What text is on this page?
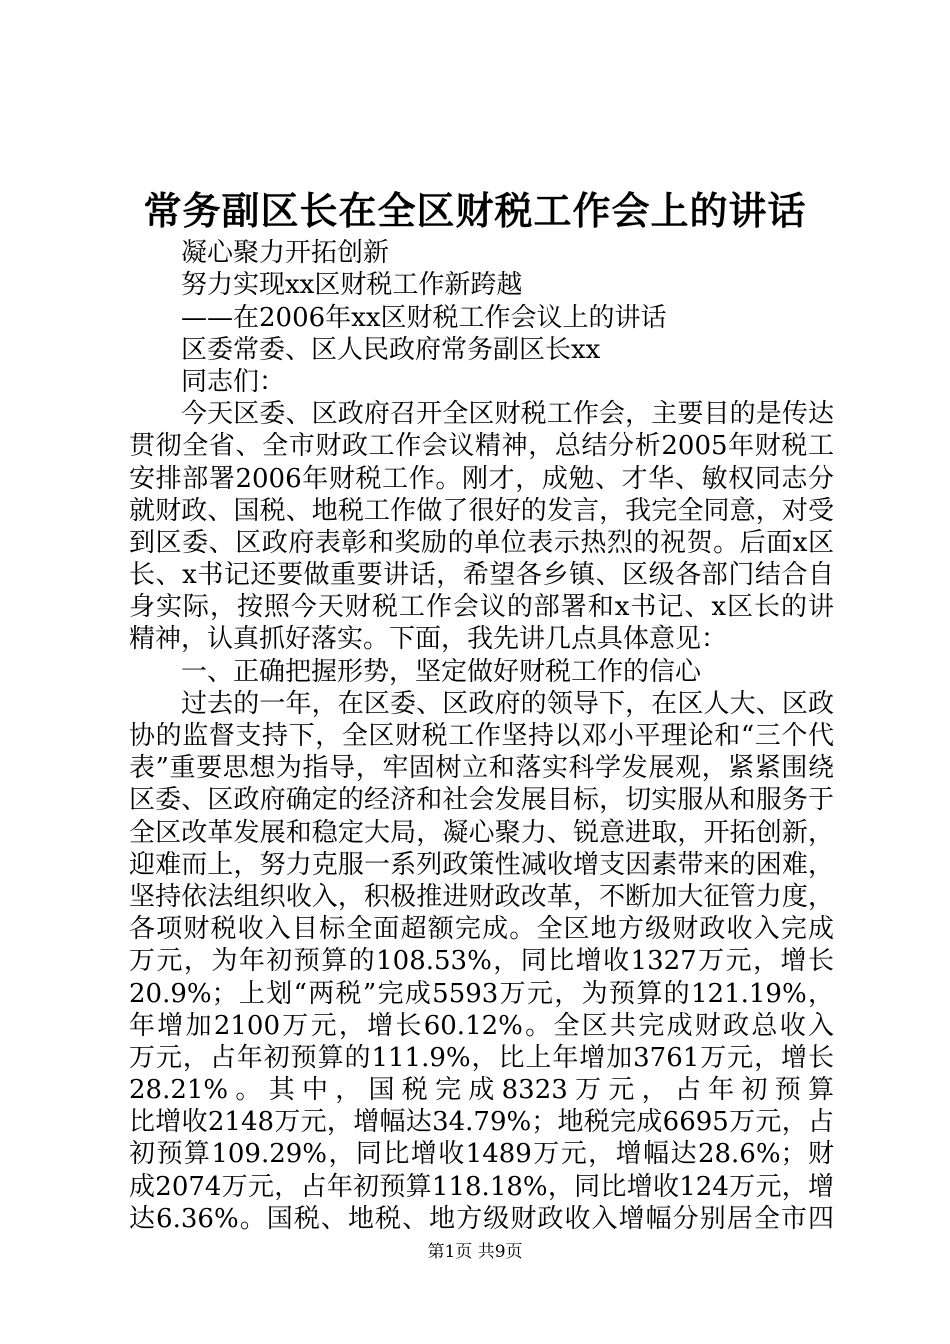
常务副区长在全区财税工作会上的讲话
凝心聚力开拓创新
努力实现xx区财税工作新跨越
——在2006年xx区财税工作会议上的讲话
区委常委、区人民政府常务副区长xx
同志们：
今天区委、区政府召开全区财税工作会，主要目的是传达
贯彻全省、全市财政工作会议精神，总结分析2005年财税工
安排部署2006年财税工作。刚才，成勉、才华、敏权同志分
就财政、国税、地税工作做了很好的发言，我完全同意，对受
到区委、区政府表彰和奖励的单位表示热烈的祝贺。后面x区
长、x书记还要做重要讲话，希望各乡镇、区级各部门结合自
身实际，按照今天财税工作会议的部署和x书记、x区长的讲
精神，认真抓好落实。下面，我先讲几点具体意见：
一、正确把握形势，坚定做好财税工作的信心
过去的一年，在区委、区政府的领导下，在区人大、区政
协的监督支持下，全区财税工作坚持以邓小平理论和“三个代
表”重要思想为指导，牢固树立和落实科学发展观，紧紧围绕
区委、区政府确定的经济和社会发展目标，切实服从和服务于
全区改革发展和稳定大局，凝心聚力、锐意进取，开拓创新，
迎难而上，努力克服一系列政策性减收增支因素带来的困难，
坚持依法组织收入，积极推进财政改革，不断加大征管力度，
各项财税收入目标全面超额完成。全区地方级财政收入完成
万元，为年初预算的108.53%，同比增收1327万元，增长
20.9%；上划“两税”完成5593万元，为预算的121.19%，
年增加2100万元，增长60.12%。全区共完成财政总收入
万元，占年初预算的111.9%，比上年增加3761万元，增长
28.21%。其中，国税完成8323万元，占年初预算
比增收2148万元，增幅达34.79%；地税完成6695万元，占
初预算109.29%，同比增收1489万元，增幅达28.6%；财
成2074万元，占年初预算118.18%，同比增收124万元，增
达6.36%。国税、地税、地方级财政收入增幅分别居全市四
第1页 共9页
